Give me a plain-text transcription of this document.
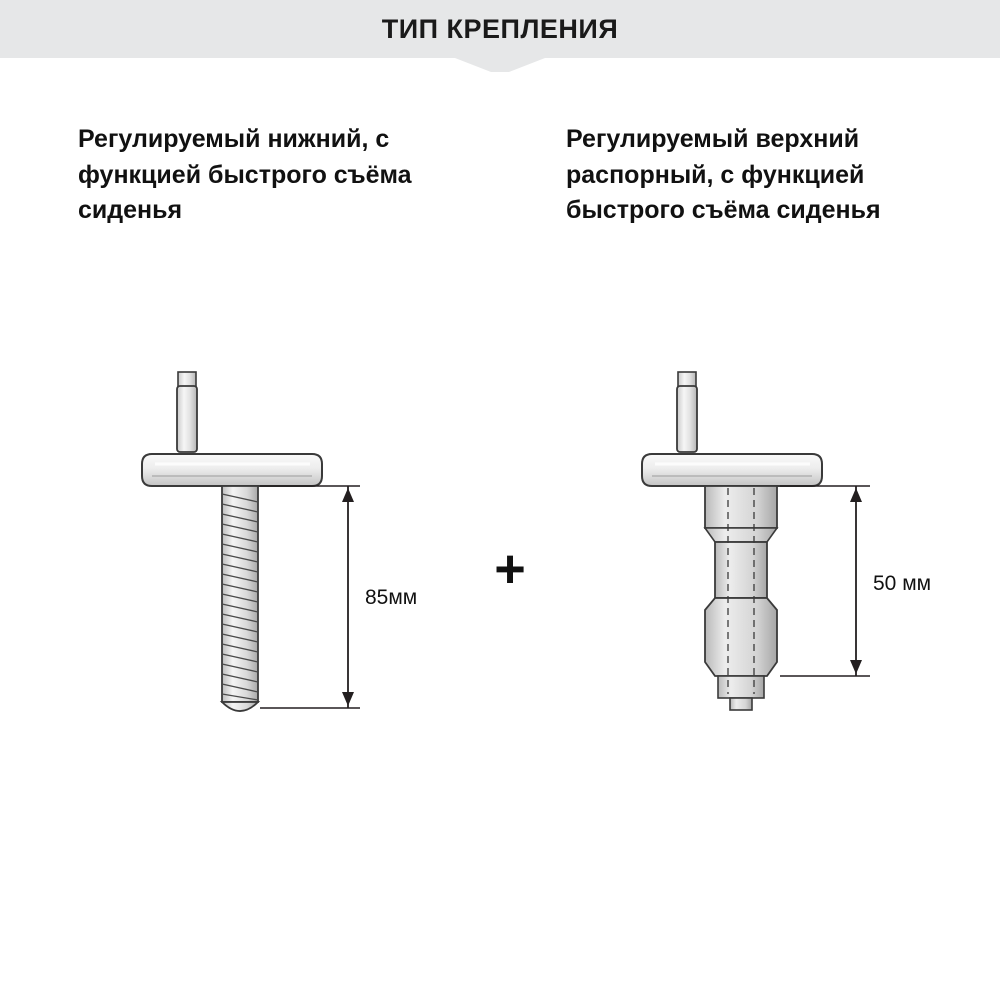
ТИП КРЕПЛЕНИЯ
Регулируемый нижний, с функцией быстрого съёма сиденья
Регулируемый верхний распорный, с функцией быстрого съёма сиденья
+
85мм
50 мм
